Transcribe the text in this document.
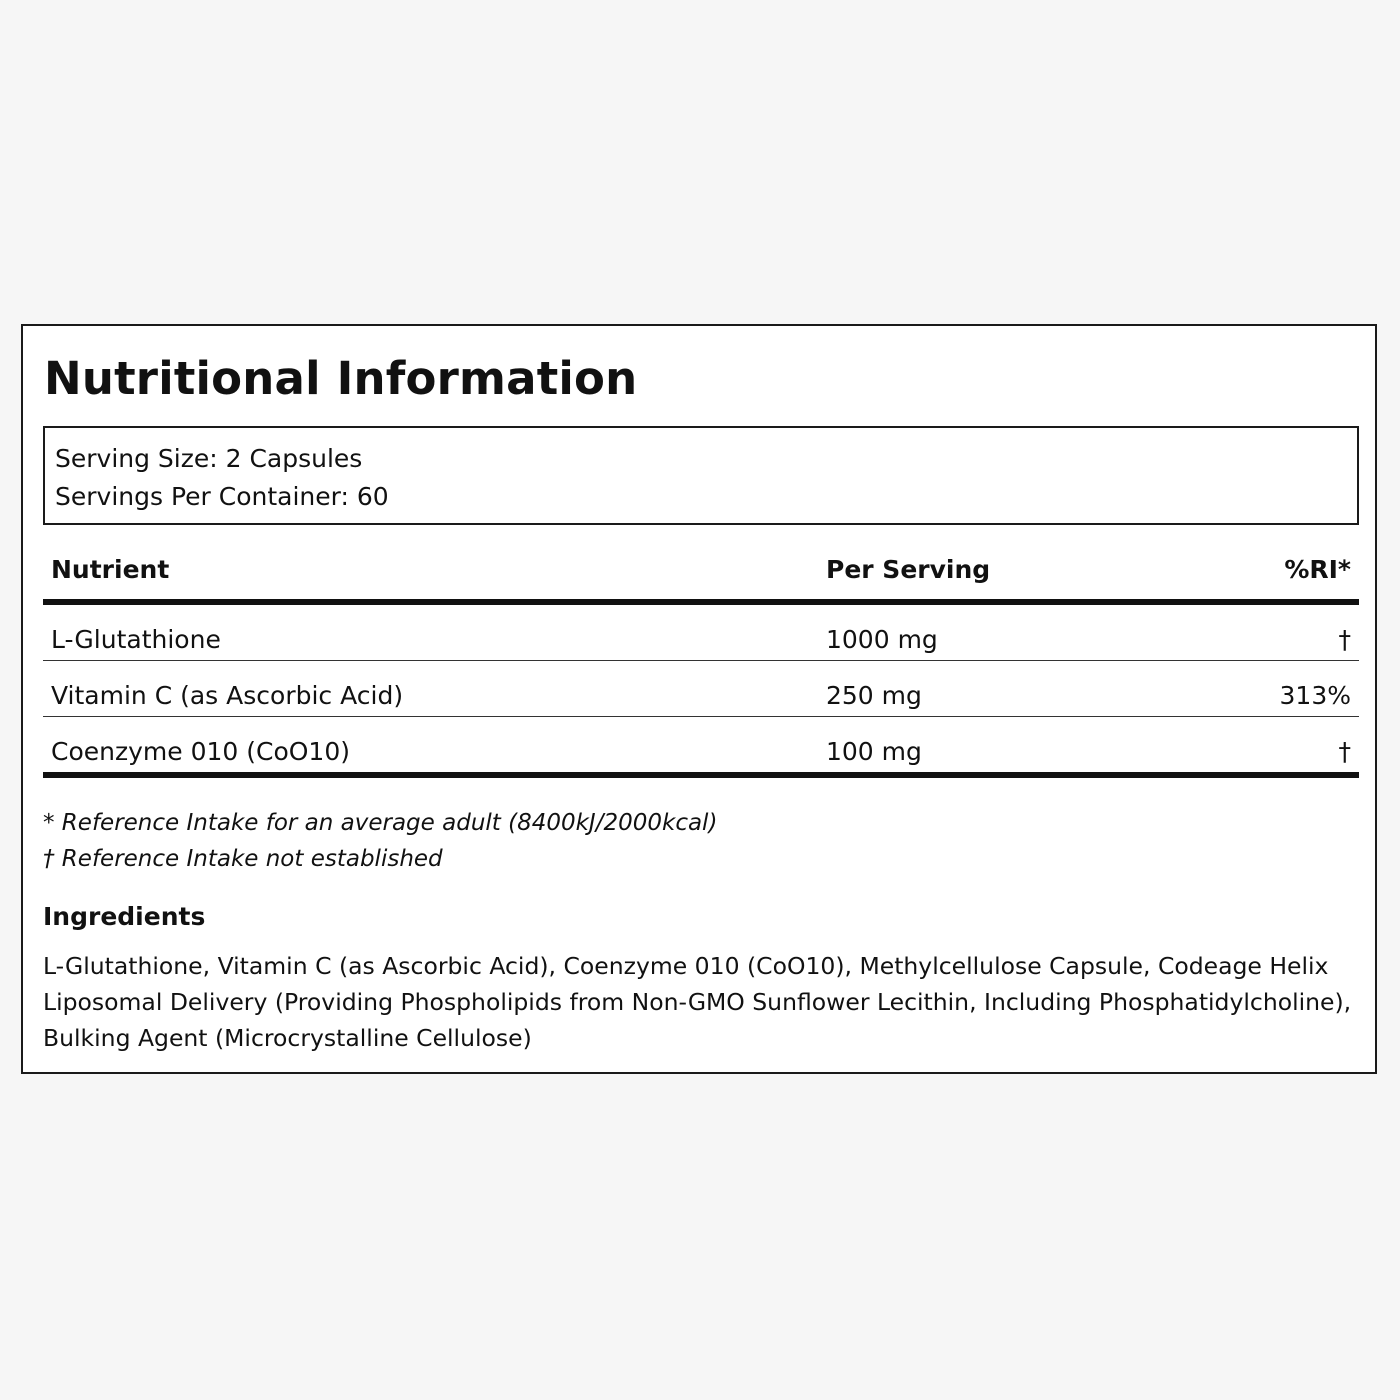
Nutritional Information
Serving Size: 2 Capsules
Servings Per Container: 60
Nutrient	Per Serving	%RI*
L-Glutathione	1000 mg	†
Vitamin C (as Ascorbic Acid)	250 mg	313%
Coenzyme 010 (CoO10)	100 mg	†
* Reference Intake for an average adult (8400kJ/2000kcal)
† Reference Intake not established
Ingredients
L-Glutathione, Vitamin C (as Ascorbic Acid), Coenzyme 010 (CoO10), Methylcellulose Capsule, Codeage Helix Liposomal Delivery (Providing Phospholipids from Non-GMO Sunflower Lecithin, Including Phosphatidylcholine), Bulking Agent (Microcrystalline Cellulose)
